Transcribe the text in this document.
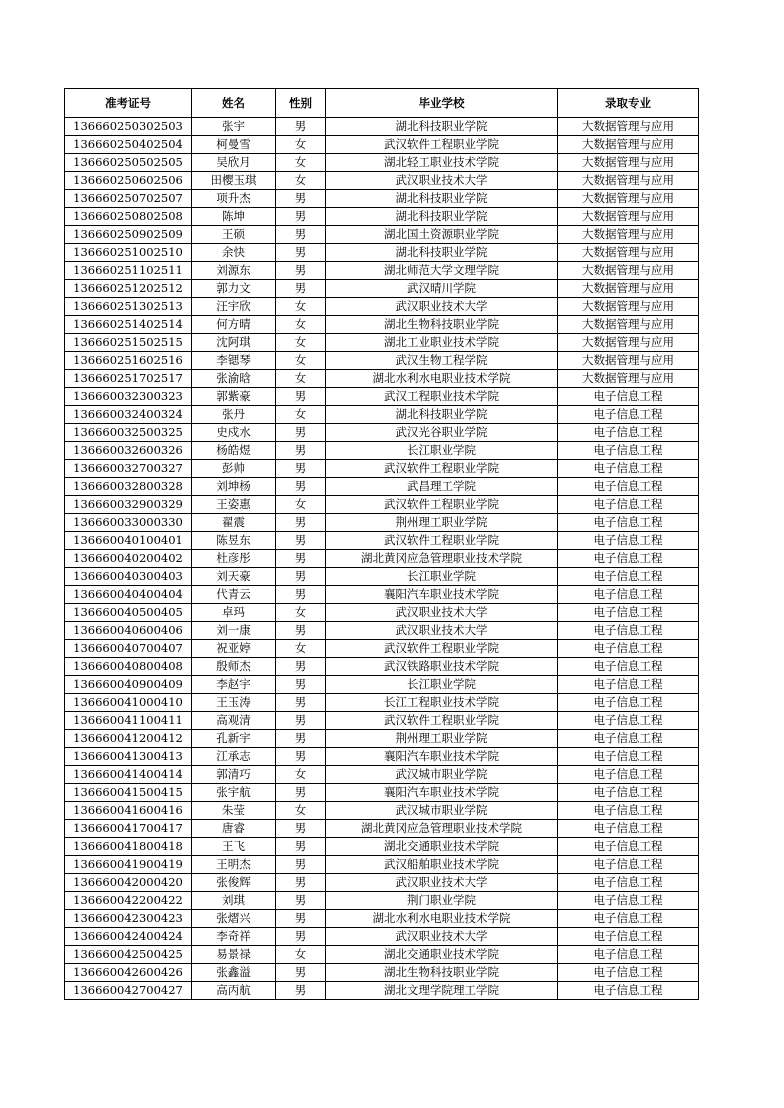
准考证号	姓名	性别	毕业学校	录取专业
136660250302503	张宇	男	湖北科技职业学院	大数据管理与应用
136660250402504	柯曼雪	女	武汉软件工程职业学院	大数据管理与应用
136660250502505	吴欣月	女	湖北轻工职业技术学院	大数据管理与应用
136660250602506	田樱玉琪	女	武汉职业技术大学	大数据管理与应用
136660250702507	项升杰	男	湖北科技职业学院	大数据管理与应用
136660250802508	陈坤	男	湖北科技职业学院	大数据管理与应用
136660250902509	王硕	男	湖北国土资源职业学院	大数据管理与应用
136660251002510	余快	男	湖北科技职业学院	大数据管理与应用
136660251102511	刘源东	男	湖北师范大学文理学院	大数据管理与应用
136660251202512	郭力文	男	武汉晴川学院	大数据管理与应用
136660251302513	汪宇欣	女	武汉职业技术大学	大数据管理与应用
136660251402514	何方晴	女	湖北生物科技职业学院	大数据管理与应用
136660251502515	沈阿琪	女	湖北工业职业技术学院	大数据管理与应用
136660251602516	李锶琴	女	武汉生物工程学院	大数据管理与应用
136660251702517	张渝晗	女	湖北水利水电职业技术学院	大数据管理与应用
136660032300323	郭紫豪	男	武汉工程职业技术学院	电子信息工程
136660032400324	张丹	女	湖北科技职业学院	电子信息工程
136660032500325	史戍水	男	武汉光谷职业学院	电子信息工程
136660032600326	杨皓煜	男	长江职业学院	电子信息工程
136660032700327	彭帅	男	武汉软件工程职业学院	电子信息工程
136660032800328	刘坤杨	男	武昌理工学院	电子信息工程
136660032900329	王姿惠	女	武汉软件工程职业学院	电子信息工程
136660033000330	翟震	男	荆州理工职业学院	电子信息工程
136660040100401	陈昱东	男	武汉软件工程职业学院	电子信息工程
136660040200402	杜彦彤	男	湖北黄冈应急管理职业技术学院	电子信息工程
136660040300403	刘天豪	男	长江职业学院	电子信息工程
136660040400404	代青云	男	襄阳汽车职业技术学院	电子信息工程
136660040500405	卓玛	女	武汉职业技术大学	电子信息工程
136660040600406	刘一康	男	武汉职业技术大学	电子信息工程
136660040700407	祝亚婷	女	武汉软件工程职业学院	电子信息工程
136660040800408	殷师杰	男	武汉铁路职业技术学院	电子信息工程
136660040900409	李赵宇	男	长江职业学院	电子信息工程
136660041000410	王玉涛	男	长江工程职业技术学院	电子信息工程
136660041100411	高观清	男	武汉软件工程职业学院	电子信息工程
136660041200412	孔新宇	男	荆州理工职业学院	电子信息工程
136660041300413	江承志	男	襄阳汽车职业技术学院	电子信息工程
136660041400414	郭清巧	女	武汉城市职业学院	电子信息工程
136660041500415	张宇航	男	襄阳汽车职业技术学院	电子信息工程
136660041600416	朱莹	女	武汉城市职业学院	电子信息工程
136660041700417	唐睿	男	湖北黄冈应急管理职业技术学院	电子信息工程
136660041800418	王飞	男	湖北交通职业技术学院	电子信息工程
136660041900419	王明杰	男	武汉船舶职业技术学院	电子信息工程
136660042000420	张俊辉	男	武汉职业技术大学	电子信息工程
136660042200422	刘琪	男	荆门职业学院	电子信息工程
136660042300423	张熠兴	男	湖北水利水电职业技术学院	电子信息工程
136660042400424	李奇祥	男	武汉职业技术大学	电子信息工程
136660042500425	易景禄	女	湖北交通职业技术学院	电子信息工程
136660042600426	张鑫溢	男	湖北生物科技职业学院	电子信息工程
136660042700427	高丙航	男	湖北文理学院理工学院	电子信息工程
